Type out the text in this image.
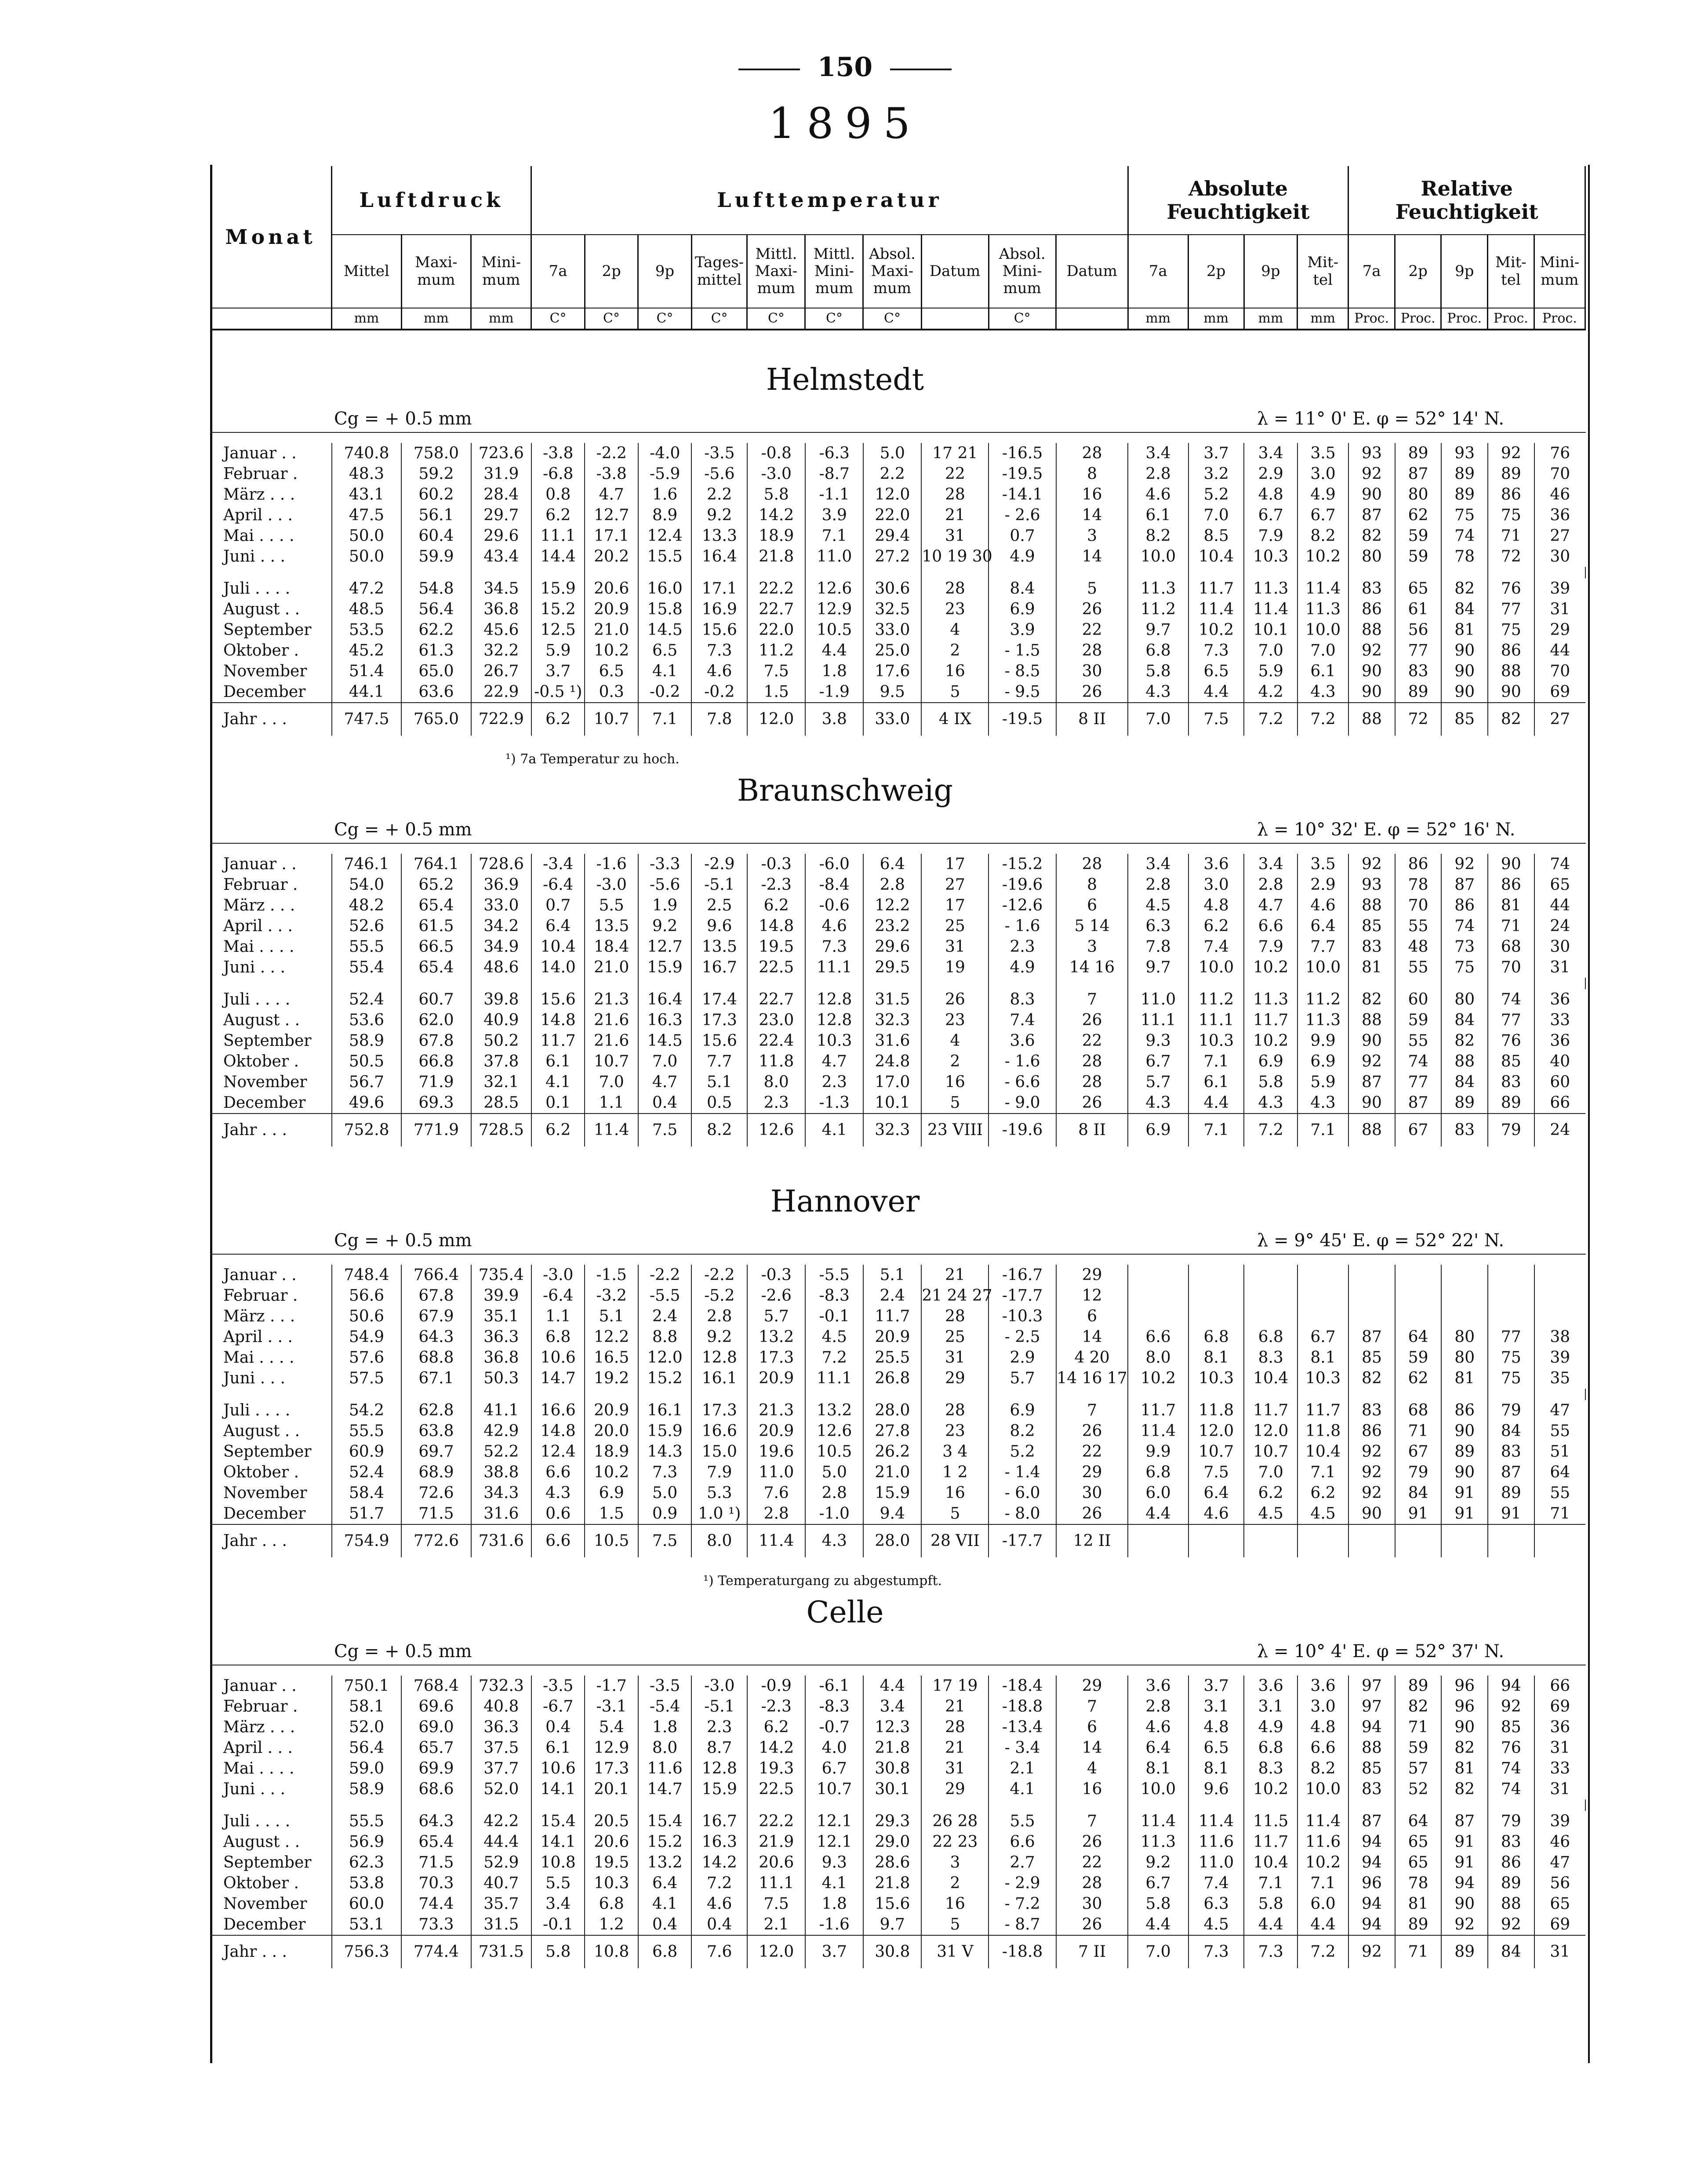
150
1895
Monat	Luftdruck			Lufttemperatur										Absolute Feuchtigkeit				Relative Feuchtigkeit				
	Mittel	Maxi- mum	Mini- mum	7a	2p	9p	Tages- mittel	Mittl. Maxi- mum	Mittl. Mini- mum	Absol. Maxi- mum	Datum	Absol. Mini- mum	Datum	7a	2p	9p	Mit- tel	7a	2p	9p	Mit- tel	Mini- mum
	mm	mm	mm	C°	C°	C°	C°	C°	C°	C°		C°		mm	mm	mm	mm	Proc.	Proc.	Proc.	Proc.	Proc.
Helmstedt
Cg = + 0.5 mm	λ = 11° 0' E. φ = 52° 14' N.
Januar . .	740.8	758.0	723.6	-3.8	-2.2	-4.0	-3.5	-0.8	-6.3	5.0	17 21	-16.5	28	3.4	3.7	3.4	3.5	93	89	93	92	76
Februar .	48.3	59.2	31.9	-6.8	-3.8	-5.9	-5.6	-3.0	-8.7	2.2	22	-19.5	8	2.8	3.2	2.9	3.0	92	87	89	89	70
März . . .	43.1	60.2	28.4	0.8	4.7	1.6	2.2	5.8	-1.1	12.0	28	-14.1	16	4.6	5.2	4.8	4.9	90	80	89	86	46
April . . .	47.5	56.1	29.7	6.2	12.7	8.9	9.2	14.2	3.9	22.0	21	- 2.6	14	6.1	7.0	6.7	6.7	87	62	75	75	36
Mai . . . .	50.0	60.4	29.6	11.1	17.1	12.4	13.3	18.9	7.1	29.4	31	0.7	3	8.2	8.5	7.9	8.2	82	59	74	71	27
Juni . . .	50.0	59.9	43.4	14.4	20.2	15.5	16.4	21.8	11.0	27.2	10 19 30	4.9	14	10.0	10.4	10.3	10.2	80	59	78	72	30

Juli . . . .	47.2	54.8	34.5	15.9	20.6	16.0	17.1	22.2	12.6	30.6	28	8.4	5	11.3	11.7	11.3	11.4	83	65	82	76	39
August . .	48.5	56.4	36.8	15.2	20.9	15.8	16.9	22.7	12.9	32.5	23	6.9	26	11.2	11.4	11.4	11.3	86	61	84	77	31
September	53.5	62.2	45.6	12.5	21.0	14.5	15.6	22.0	10.5	33.0	4	3.9	22	9.7	10.2	10.1	10.0	88	56	81	75	29
Oktober .	45.2	61.3	32.2	5.9	10.2	6.5	7.3	11.2	4.4	25.0	2	- 1.5	28	6.8	7.3	7.0	7.0	92	77	90	86	44
November	51.4	65.0	26.7	3.7	6.5	4.1	4.6	7.5	1.8	17.6	16	- 8.5	30	5.8	6.5	5.9	6.1	90	83	90	88	70
December	44.1	63.6	22.9	-0.5 ¹)	0.3	-0.2	-0.2	1.5	-1.9	9.5	5	- 9.5	26	4.3	4.4	4.2	4.3	90	89	90	90	69
Jahr . . .	747.5	765.0	722.9	6.2	10.7	7.1	7.8	12.0	3.8	33.0	4 IX	-19.5	8 II	7.0	7.5	7.2	7.2	88	72	85	82	27
¹) 7a Temperatur zu hoch.
Braunschweig
Cg = + 0.5 mm	λ = 10° 32' E. φ = 52° 16' N.
Januar . .	746.1	764.1	728.6	-3.4	-1.6	-3.3	-2.9	-0.3	-6.0	6.4	17	-15.2	28	3.4	3.6	3.4	3.5	92	86	92	90	74
Februar .	54.0	65.2	36.9	-6.4	-3.0	-5.6	-5.1	-2.3	-8.4	2.8	27	-19.6	8	2.8	3.0	2.8	2.9	93	78	87	86	65
März . . .	48.2	65.4	33.0	0.7	5.5	1.9	2.5	6.2	-0.6	12.2	17	-12.6	6	4.5	4.8	4.7	4.6	88	70	86	81	44
April . . .	52.6	61.5	34.2	6.4	13.5	9.2	9.6	14.8	4.6	23.2	25	- 1.6	5 14	6.3	6.2	6.6	6.4	85	55	74	71	24
Mai . . . .	55.5	66.5	34.9	10.4	18.4	12.7	13.5	19.5	7.3	29.6	31	2.3	3	7.8	7.4	7.9	7.7	83	48	73	68	30
Juni . . .	55.4	65.4	48.6	14.0	21.0	15.9	16.7	22.5	11.1	29.5	19	4.9	14 16	9.7	10.0	10.2	10.0	81	55	75	70	31

Juli . . . .	52.4	60.7	39.8	15.6	21.3	16.4	17.4	22.7	12.8	31.5	26	8.3	7	11.0	11.2	11.3	11.2	82	60	80	74	36
August . .	53.6	62.0	40.9	14.8	21.6	16.3	17.3	23.0	12.8	32.3	23	7.4	26	11.1	11.1	11.7	11.3	88	59	84	77	33
September	58.9	67.8	50.2	11.7	21.6	14.5	15.6	22.4	10.3	31.6	4	3.6	22	9.3	10.3	10.2	9.9	90	55	82	76	36
Oktober .	50.5	66.8	37.8	6.1	10.7	7.0	7.7	11.8	4.7	24.8	2	- 1.6	28	6.7	7.1	6.9	6.9	92	74	88	85	40
November	56.7	71.9	32.1	4.1	7.0	4.7	5.1	8.0	2.3	17.0	16	- 6.6	28	5.7	6.1	5.8	5.9	87	77	84	83	60
December	49.6	69.3	28.5	0.1	1.1	0.4	0.5	2.3	-1.3	10.1	5	- 9.0	26	4.3	4.4	4.3	4.3	90	87	89	89	66
Jahr . . .	752.8	771.9	728.5	6.2	11.4	7.5	8.2	12.6	4.1	32.3	23 VIII	-19.6	8 II	6.9	7.1	7.2	7.1	88	67	83	79	24
Hannover
Cg = + 0.5 mm	λ = 9° 45' E. φ = 52° 22' N.
Januar . .	748.4	766.4	735.4	-3.0	-1.5	-2.2	-2.2	-0.3	-5.5	5.1	21	-16.7	29									
Februar .	56.6	67.8	39.9	-6.4	-3.2	-5.5	-5.2	-2.6	-8.3	2.4	21 24 27	-17.7	12									
März . . .	50.6	67.9	35.1	1.1	5.1	2.4	2.8	5.7	-0.1	11.7	28	-10.3	6									
April . . .	54.9	64.3	36.3	6.8	12.2	8.8	9.2	13.2	4.5	20.9	25	- 2.5	14	6.6	6.8	6.8	6.7	87	64	80	77	38
Mai . . . .	57.6	68.8	36.8	10.6	16.5	12.0	12.8	17.3	7.2	25.5	31	2.9	4 20	8.0	8.1	8.3	8.1	85	59	80	75	39
Juni . . .	57.5	67.1	50.3	14.7	19.2	15.2	16.1	20.9	11.1	26.8	29	5.7	14 16 17	10.2	10.3	10.4	10.3	82	62	81	75	35

Juli . . . .	54.2	62.8	41.1	16.6	20.9	16.1	17.3	21.3	13.2	28.0	28	6.9	7	11.7	11.8	11.7	11.7	83	68	86	79	47
August . .	55.5	63.8	42.9	14.8	20.0	15.9	16.6	20.9	12.6	27.8	23	8.2	26	11.4	12.0	12.0	11.8	86	71	90	84	55
September	60.9	69.7	52.2	12.4	18.9	14.3	15.0	19.6	10.5	26.2	3 4	5.2	22	9.9	10.7	10.7	10.4	92	67	89	83	51
Oktober .	52.4	68.9	38.8	6.6	10.2	7.3	7.9	11.0	5.0	21.0	1 2	- 1.4	29	6.8	7.5	7.0	7.1	92	79	90	87	64
November	58.4	72.6	34.3	4.3	6.9	5.0	5.3	7.6	2.8	15.9	16	- 6.0	30	6.0	6.4	6.2	6.2	92	84	91	89	55
December	51.7	71.5	31.6	0.6	1.5	0.9	1.0 ¹)	2.8	-1.0	9.4	5	- 8.0	26	4.4	4.6	4.5	4.5	90	91	91	91	71
Jahr . . .	754.9	772.6	731.6	6.6	10.5	7.5	8.0	11.4	4.3	28.0	28 VII	-17.7	12 II									
¹) Temperaturgang zu abgestumpft.
Celle
Cg = + 0.5 mm	λ = 10° 4' E. φ = 52° 37' N.
Januar . .	750.1	768.4	732.3	-3.5	-1.7	-3.5	-3.0	-0.9	-6.1	4.4	17 19	-18.4	29	3.6	3.7	3.6	3.6	97	89	96	94	66
Februar .	58.1	69.6	40.8	-6.7	-3.1	-5.4	-5.1	-2.3	-8.3	3.4	21	-18.8	7	2.8	3.1	3.1	3.0	97	82	96	92	69
März . . .	52.0	69.0	36.3	0.4	5.4	1.8	2.3	6.2	-0.7	12.3	28	-13.4	6	4.6	4.8	4.9	4.8	94	71	90	85	36
April . . .	56.4	65.7	37.5	6.1	12.9	8.0	8.7	14.2	4.0	21.8	21	- 3.4	14	6.4	6.5	6.8	6.6	88	59	82	76	31
Mai . . . .	59.0	69.9	37.7	10.6	17.3	11.6	12.8	19.3	6.7	30.8	31	2.1	4	8.1	8.1	8.3	8.2	85	57	81	74	33
Juni . . .	58.9	68.6	52.0	14.1	20.1	14.7	15.9	22.5	10.7	30.1	29	4.1	16	10.0	9.6	10.2	10.0	83	52	82	74	31

Juli . . . .	55.5	64.3	42.2	15.4	20.5	15.4	16.7	22.2	12.1	29.3	26 28	5.5	7	11.4	11.4	11.5	11.4	87	64	87	79	39
August . .	56.9	65.4	44.4	14.1	20.6	15.2	16.3	21.9	12.1	29.0	22 23	6.6	26	11.3	11.6	11.7	11.6	94	65	91	83	46
September	62.3	71.5	52.9	10.8	19.5	13.2	14.2	20.6	9.3	28.6	3	2.7	22	9.2	11.0	10.4	10.2	94	65	91	86	47
Oktober .	53.8	70.3	40.7	5.5	10.3	6.4	7.2	11.1	4.1	21.8	2	- 2.9	28	6.7	7.4	7.1	7.1	96	78	94	89	56
November	60.0	74.4	35.7	3.4	6.8	4.1	4.6	7.5	1.8	15.6	16	- 7.2	30	5.8	6.3	5.8	6.0	94	81	90	88	65
December	53.1	73.3	31.5	-0.1	1.2	0.4	0.4	2.1	-1.6	9.7	5	- 8.7	26	4.4	4.5	4.4	4.4	94	89	92	92	69
Jahr . . .	756.3	774.4	731.5	5.8	10.8	6.8	7.6	12.0	3.7	30.8	31 V	-18.8	7 II	7.0	7.3	7.3	7.2	92	71	89	84	31
